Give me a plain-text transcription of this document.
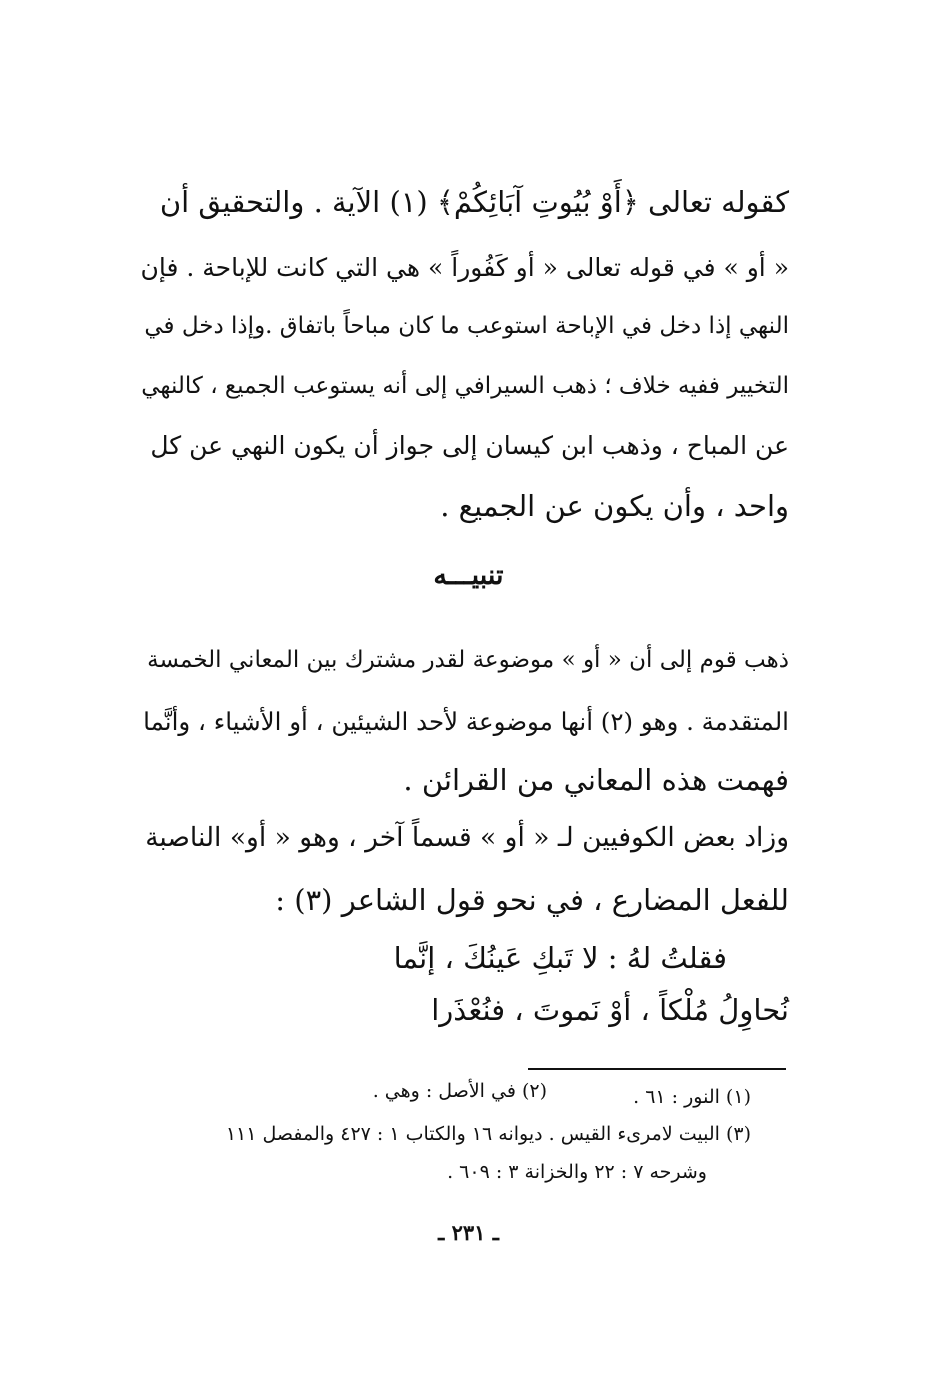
كقوله تعالى ﴿أَوْ بُيُوتِ آبَائِكُمْ﴾ (١) الآية . والتحقيق أن
« أو » في قوله تعالى « أو كَفُوراً » هي التي كانت للإباحة . فإن
النهي إذا دخل في الإباحة استوعب ما كان مباحاً باتفاق .وإذا دخل في
التخيير ففيه خلاف ؛ ذهب السيرافي إلى أنه يستوعب الجميع ، كالنهي
عن المباح ، وذهب ابن كيسان إلى جواز أن يكون النهي عن كل
واحد ، وأن يكون عن الجميع .
تنبيـــه
ذهب قوم إلى أن « أو » موضوعة لقدر مشترك بين المعاني الخمسة
المتقدمة . وهو (٢) أنها موضوعة لأحد الشيئين ، أو الأشياء ، وأنَّما
فهمت هذه المعاني من القرائن .
وزاد بعض الكوفيين لـ « أو » قسماً آخر ، وهو « أو» الناصبة
للفعل المضارع ، في نحو قول الشاعر (٣) :
فقلتُ لهُ : لا تَبكِ عَينُكَ ، إنَّما
نُحاوِلُ مُلْكاً ، أوْ نَموتَ ، فنُعْذَرا
(١) النور : ٦١ .
(٢) في الأصل : وهي .
(٣) البيت لامرىء القيس . ديوانه ١٦ والكتاب ١ : ٤٢٧ والمفصل ١١١
وشرحه ٧ : ٢٢ والخزانة ٣ : ٦٠٩ .
ـ ٢٣١ ـ
